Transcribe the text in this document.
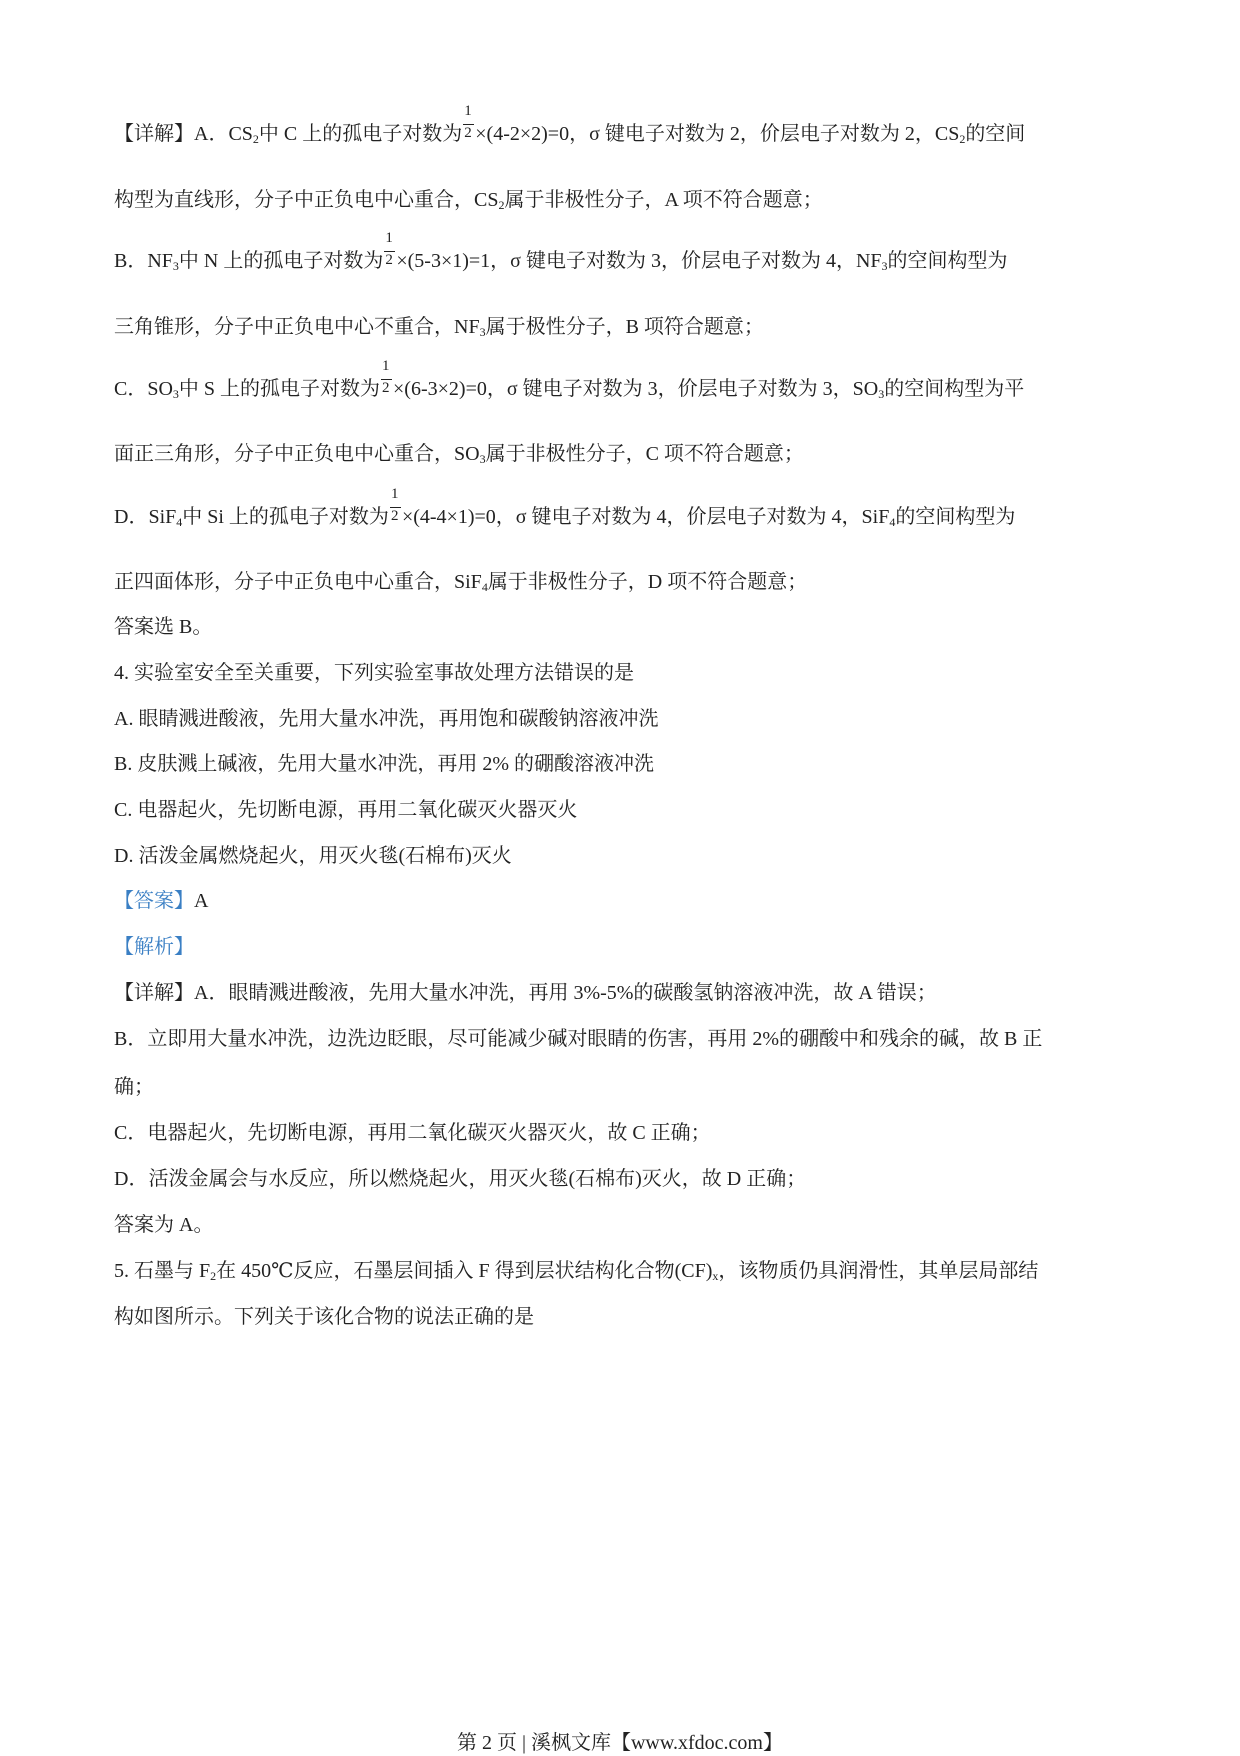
【详解】A．$CS_2$中 C 上的孤电子对数为 $\frac{1}{2} \times(4-2\times 2)=0$，σ 键电子对数为 2，价层电子对数为 2，$CS_2$的空间
构型为直线形，分子中正负电中心重合，$CS_2$属于非极性分子，A 项不符合题意；
B．$NF_3$中 N 上的孤电子对数为 $\frac{1}{2} \times(5-3\times 1)=1$，σ 键电子对数为 3，价层电子对数为 4，$NF_3$的空间构型为
三角锥形，分子中正负电中心不重合，$NF_3$属于极性分子，B 项符合题意；
C．$SO_3$中 S 上的孤电子对数为 $\frac{1}{2} \times(6-3\times 2)=0$，σ 键电子对数为 3，价层电子对数为 3，$SO_3$的空间构型为平
面正三角形，分子中正负电中心重合，$SO_3$属于非极性分子，C 项不符合题意；
D．SiF$_4$中 Si 上的孤电子对数为 $\frac{1}{2} \times(4-4\times 1)=0$，σ 键电子对数为 4，价层电子对数为 4，SiF$_4$的空间构型为
正四面体形，分子中正负电中心重合，SiF$_4$属于非极性分子，D 项不符合题意；
答案选 B。
4. 实验室安全至关重要，下列实验室事故处理方法错误的是
A. 眼睛溅进酸液，先用大量水冲洗，再用饱和碳酸钠溶液冲洗
B. 皮肤溅上碱液，先用大量水冲洗，再用 2% 的硼酸溶液冲洗
C. 电器起火，先切断电源，再用二氧化碳灭火器灭火
D. 活泼金属燃烧起火，用灭火毯(石棉布)灭火
【答案】A
【解析】
【详解】A．眼睛溅进酸液，先用大量水冲洗，再用 3%-5%的碳酸氢钠溶液冲洗，故 A 错误；
B．立即用大量水冲洗，边洗边眨眼，尽可能减少碱对眼睛的伤害，再用 2%的硼酸中和残余的碱，故 B 正
确；
C．电器起火，先切断电源，再用二氧化碳灭火器灭火，故 C 正确；
D．活泼金属会与水反应，所以燃烧起火，用灭火毯(石棉布)灭火，故 D 正确；
答案为 A。
5. 石墨与 $F_2$在 450℃反应，石墨层间插入 F 得到层状结构化合物$(CF)_x$，该物质仍具润滑性，其单层局部结
构如图所示。下列关于该化合物的说法正确的是
第 2 页 | 溪枫文库【www.xfdoc.com】
